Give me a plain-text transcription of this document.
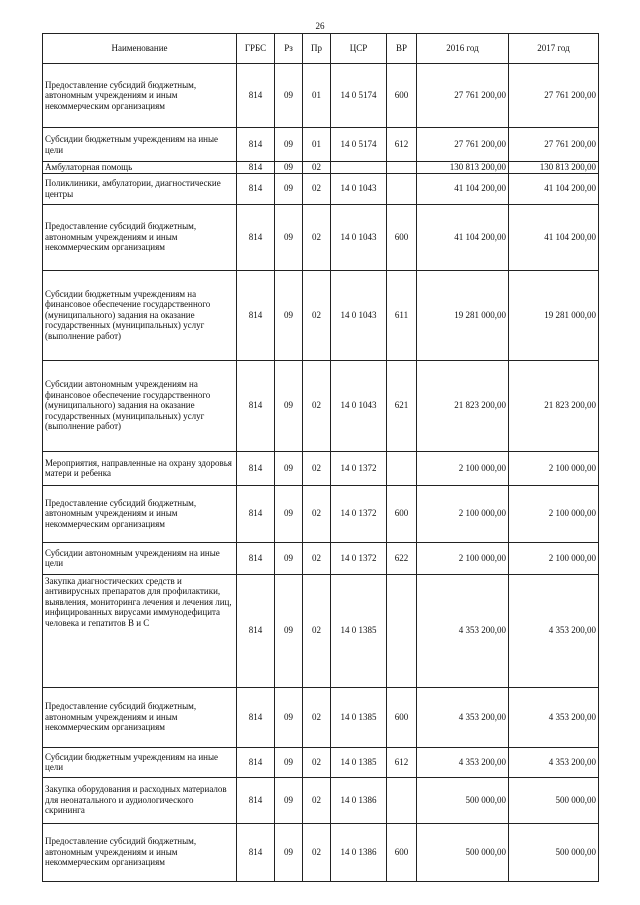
26
Наименование	ГРБС	Рз	Пр	ЦСР	ВР	2016 год	2017 год
Предоставление субсидий бюджетным, автономным учреждениям и иным некоммерческим организациям	814	09	01	14 0 5174	600	27 761 200,00	27 761 200,00
Субсидии бюджетным учреждениям на иные цели	814	09	01	14 0 5174	612	27 761 200,00	27 761 200,00
Амбулаторная помощь	814	09	02			130 813 200,00	130 813 200,00
Поликлиники, амбулатории, диагностические центры	814	09	02	14 0 1043		41 104 200,00	41 104 200,00
Предоставление субсидий бюджетным, автономным учреждениям и иным некоммерческим организациям	814	09	02	14 0 1043	600	41 104 200,00	41 104 200,00
Субсидии бюджетным учреждениям на финансовое обеспечение государственного (муниципального) задания на оказание государственных (муниципальных) услуг (выполнение работ)	814	09	02	14 0 1043	611	19 281 000,00	19 281 000,00
Субсидии автономным учреждениям на финансовое обеспечение государственного (муниципального) задания на оказание государственных (муниципальных) услуг (выполнение работ)	814	09	02	14 0 1043	621	21 823 200,00	21 823 200,00
Мероприятия, направленные на охрану здоровья матери и ребенка	814	09	02	14 0 1372		2 100 000,00	2 100 000,00
Предоставление субсидий бюджетным, автономным учреждениям и иным некоммерческим организациям	814	09	02	14 0 1372	600	2 100 000,00	2 100 000,00
Субсидии автономным учреждениям на иные цели	814	09	02	14 0 1372	622	2 100 000,00	2 100 000,00
Закупка диагностических средств и антивирусных препаратов для профилактики, выявления, мониторинга лечения и лечения лиц, инфицированных вирусами иммунодефицита человека и гепатитов В и С	814	09	02	14 0 1385		4 353 200,00	4 353 200,00
Предоставление субсидий бюджетным, автономным учреждениям и иным некоммерческим организациям	814	09	02	14 0 1385	600	4 353 200,00	4 353 200,00
Субсидии бюджетным учреждениям на иные цели	814	09	02	14 0 1385	612	4 353 200,00	4 353 200,00
Закупка оборудования и расходных материалов для неонатального и аудиологического скрининга	814	09	02	14 0 1386		500 000,00	500 000,00
Предоставление субсидий бюджетным, автономным учреждениям и иным некоммерческим организациям	814	09	02	14 0 1386	600	500 000,00	500 000,00
